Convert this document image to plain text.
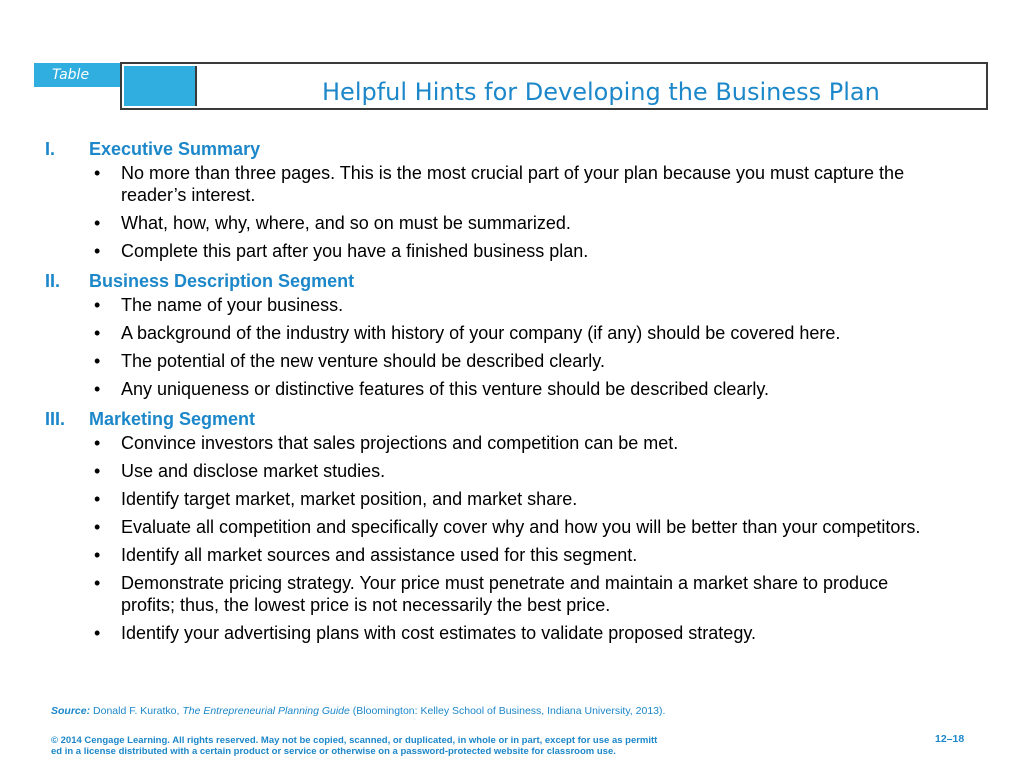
Table
Helpful Hints for Developing the Business Plan
I. Executive Summary
• No more than three pages. This is the most crucial part of your plan because you must capture the reader’s interest.
• What, how, why, where, and so on must be summarized.
• Complete this part after you have a finished business plan.
II. Business Description Segment
• The name of your business.
• A background of the industry with history of your company (if any) should be covered here.
• The potential of the new venture should be described clearly.
• Any uniqueness or distinctive features of this venture should be described clearly.
III. Marketing Segment
• Convince investors that sales projections and competition can be met.
• Use and disclose market studies.
• Identify target market, market position, and market share.
• Evaluate all competition and specifically cover why and how you will be better than your competitors.
• Identify all market sources and assistance used for this segment.
• Demonstrate pricing strategy. Your price must penetrate and maintain a market share to produce profits; thus, the lowest price is not necessarily the best price.
• Identify your advertising plans with cost estimates to validate proposed strategy.
Source: Donald F. Kuratko, The Entrepreneurial Planning Guide (Bloomington: Kelley School of Business, Indiana University, 2013).
© 2014 Cengage Learning. All rights reserved. May not be copied, scanned, or duplicated, in whole or in part, except for use as permitt
ed in a license distributed with a certain product or service or otherwise on a password-protected website for classroom use.
12–18
